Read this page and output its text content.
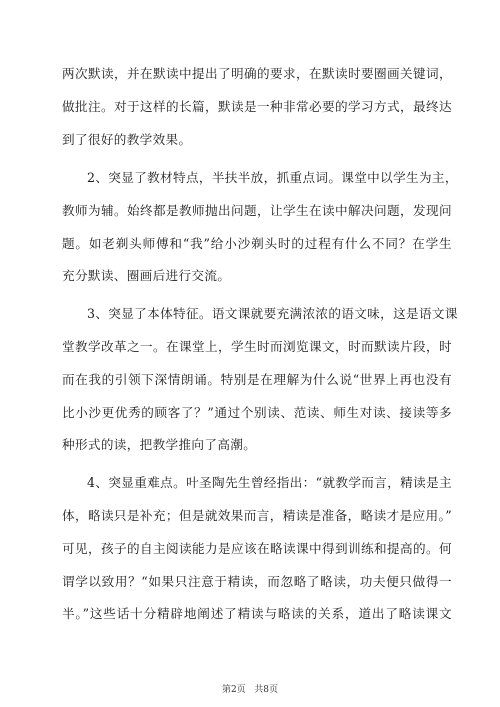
两次默读，并在默读中提出了明确的要求，在默读时要圈画关键词，
做批注。对于这样的长篇，默读是一种非常必要的学习方式，最终达
到了很好的教学效果。
2、突显了教材特点，半扶半放，抓重点词。课堂中以学生为主，
教师为辅。始终都是教师抛出问题，让学生在读中解决问题，发现问
题。如老剃头师傅和“我”给小沙剃头时的过程有什么不同？在学生
充分默读、圈画后进行交流。
3、突显了本体特征。语文课就要充满浓浓的语文味，这是语文课
堂教学改革之一。在课堂上，学生时而浏览课文，时而默读片段，时
而在我的引领下深情朗诵。特别是在理解为什么说“世界上再也没有
比小沙更优秀的顾客了？”通过个别读、范读、师生对读、接读等多
种形式的读，把教学推向了高潮。
4、突显重难点。叶圣陶先生曾经指出：“就教学而言，精读是主
体，略读只是补充；但是就效果而言，精读是准备，略读才是应用。”
可见，孩子的自主阅读能力是应该在略读课中得到训练和提高的。何
谓学以致用？“如果只注意于精读，而忽略了略读，功夫便只做得一
半。”这些话十分精辟地阐述了精读与略读的关系，道出了略读课文
第2页 共8页
